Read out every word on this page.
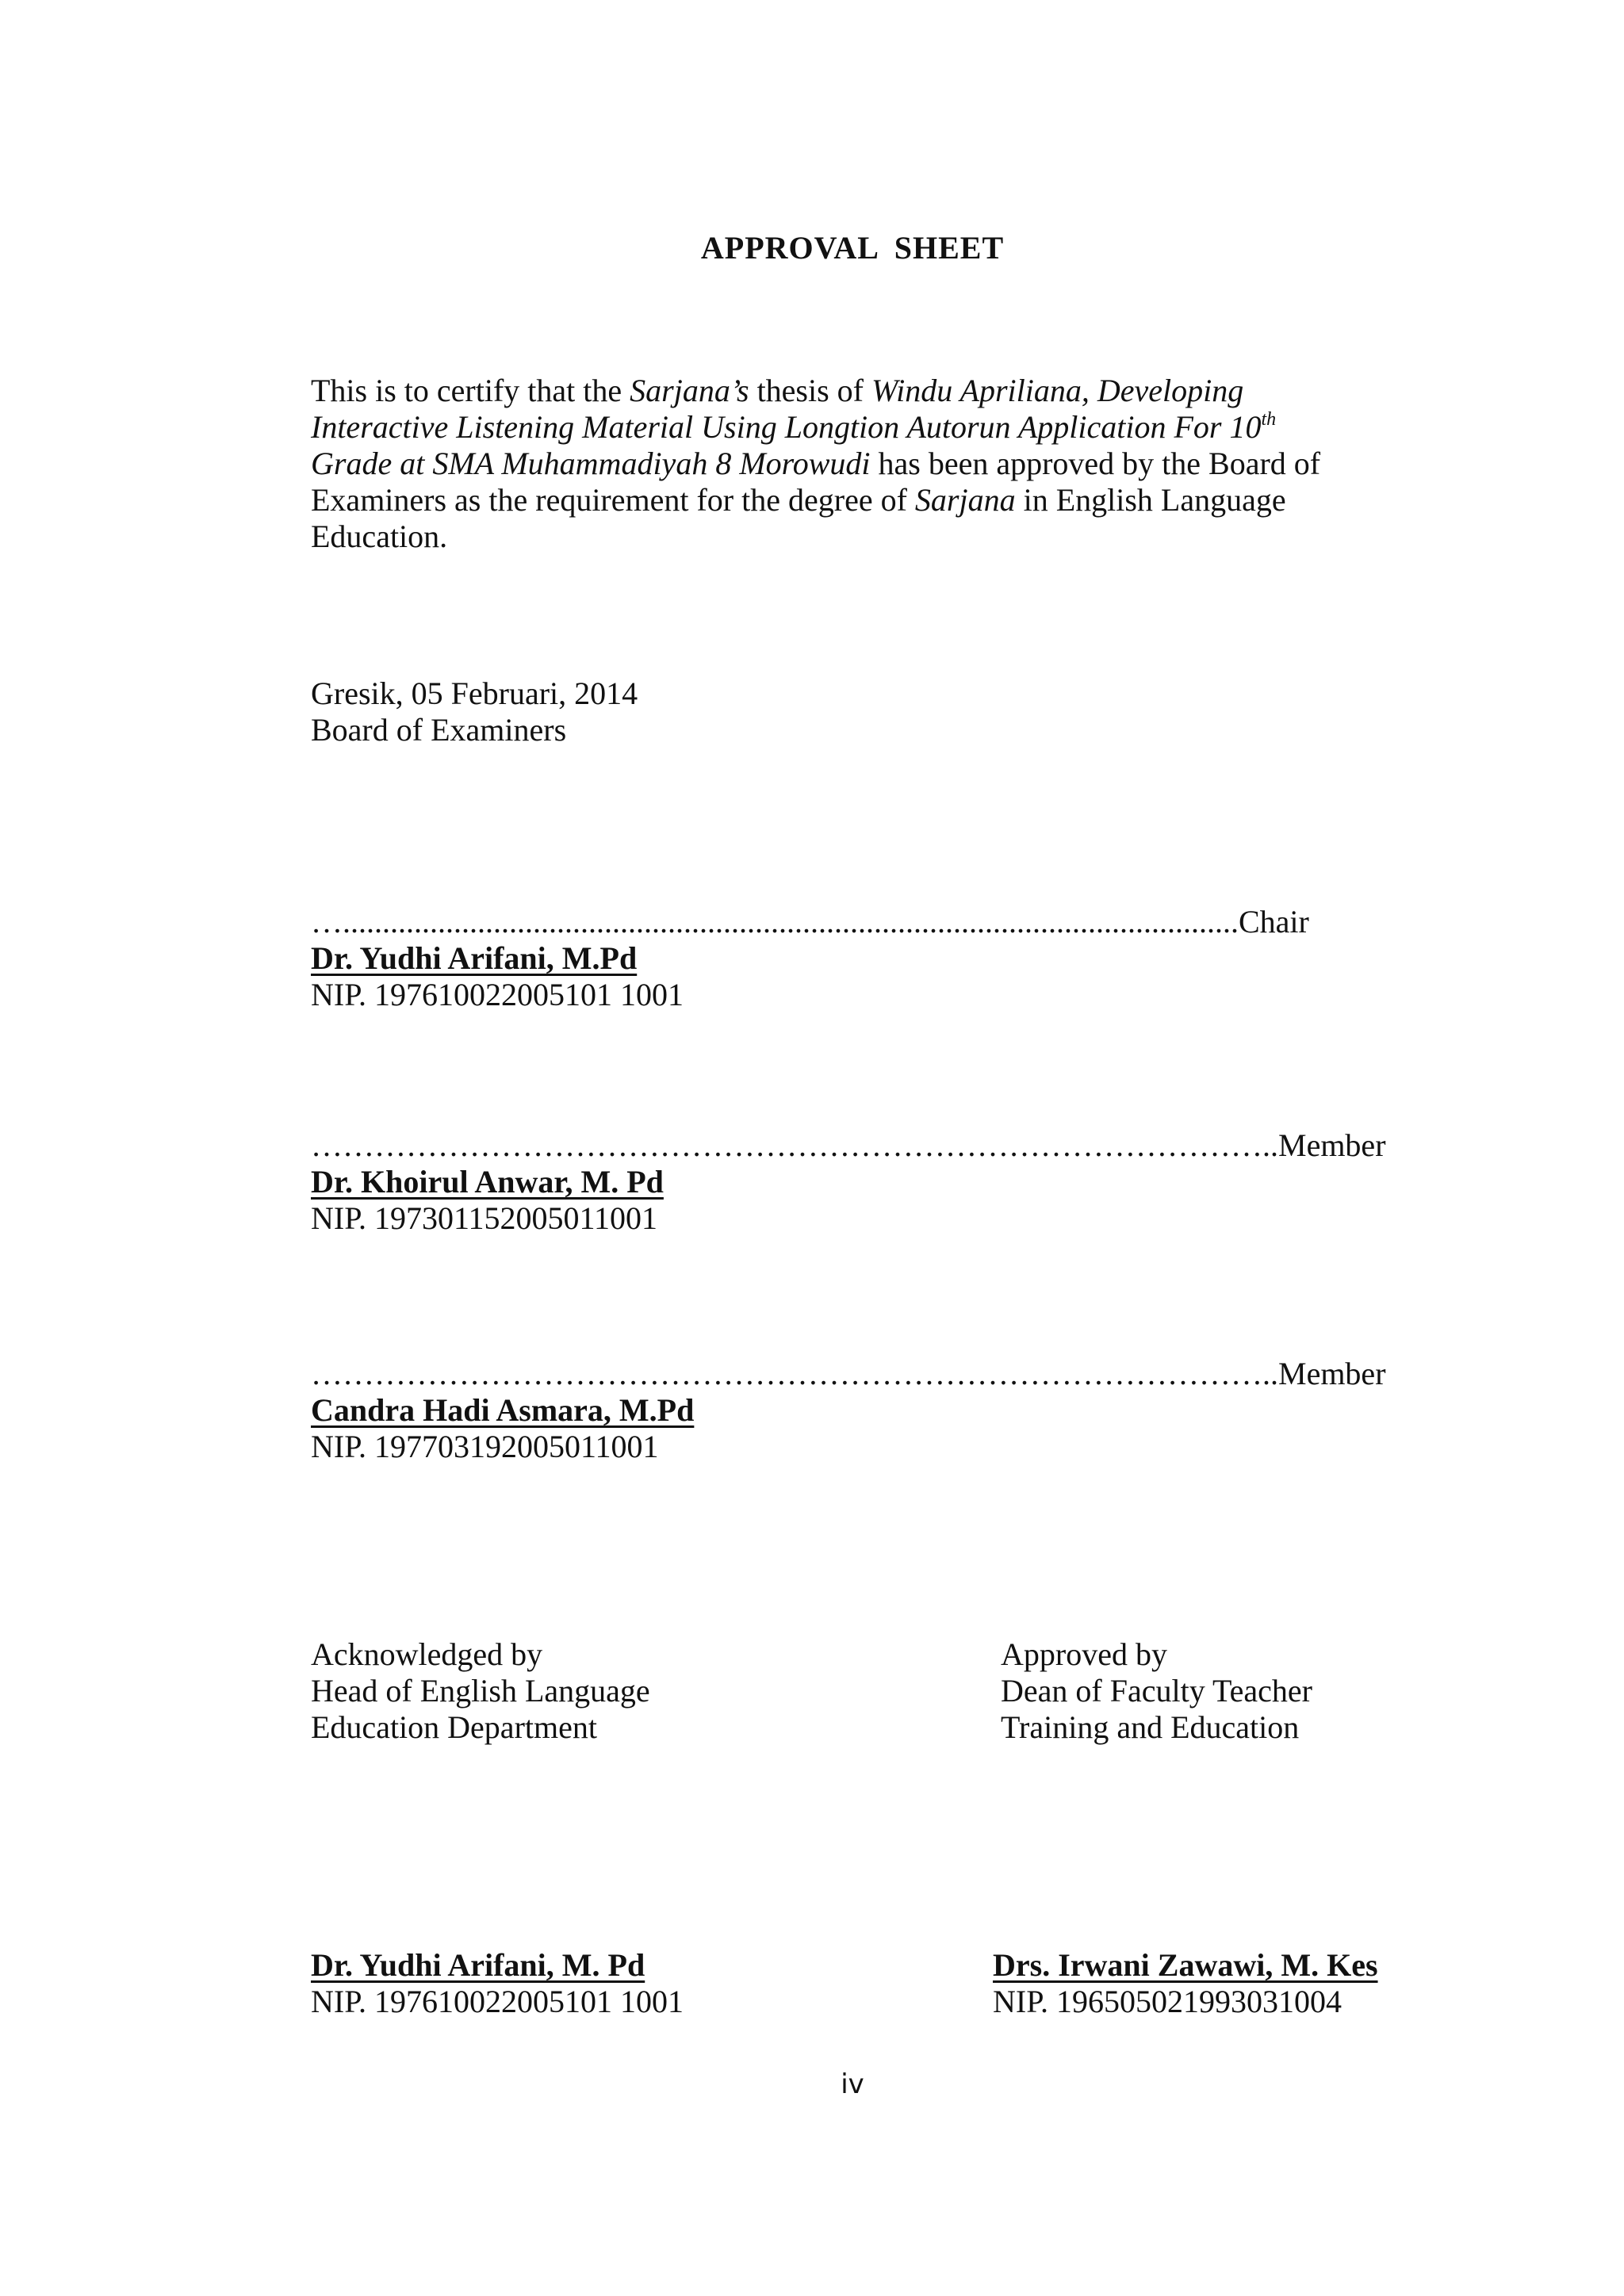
APPROVAL SHEET
This is to certify that the Sarjana’s thesis of Windu Apriliana, Developing
Interactive Listening Material Using Longtion Autorun Application For 10th
Grade at SMA Muhammadiyah 8 Morowudi has been approved by the Board of
Examiners as the requirement for the degree of Sarjana in English Language
Education.
Gresik, 05 Februari, 2014
Board of Examiners
….................................................................................................................Chair
Dr. Yudhi Arifani, M.Pd
NIP. 197610022005101 1001
………………………………………………………………………………..Member
Dr. Khoirul Anwar, M. Pd
NIP. 197301152005011001
………………………………………………………………………………..Member
Candra Hadi Asmara, M.Pd
NIP. 197703192005011001
Acknowledged by
Head of English Language
Education Department
Dr. Yudhi Arifani, M. Pd
NIP. 197610022005101 1001
Approved by
Dean of Faculty Teacher
Training and Education
Drs. Irwani Zawawi, M. Kes
NIP. 196505021993031004
iv
